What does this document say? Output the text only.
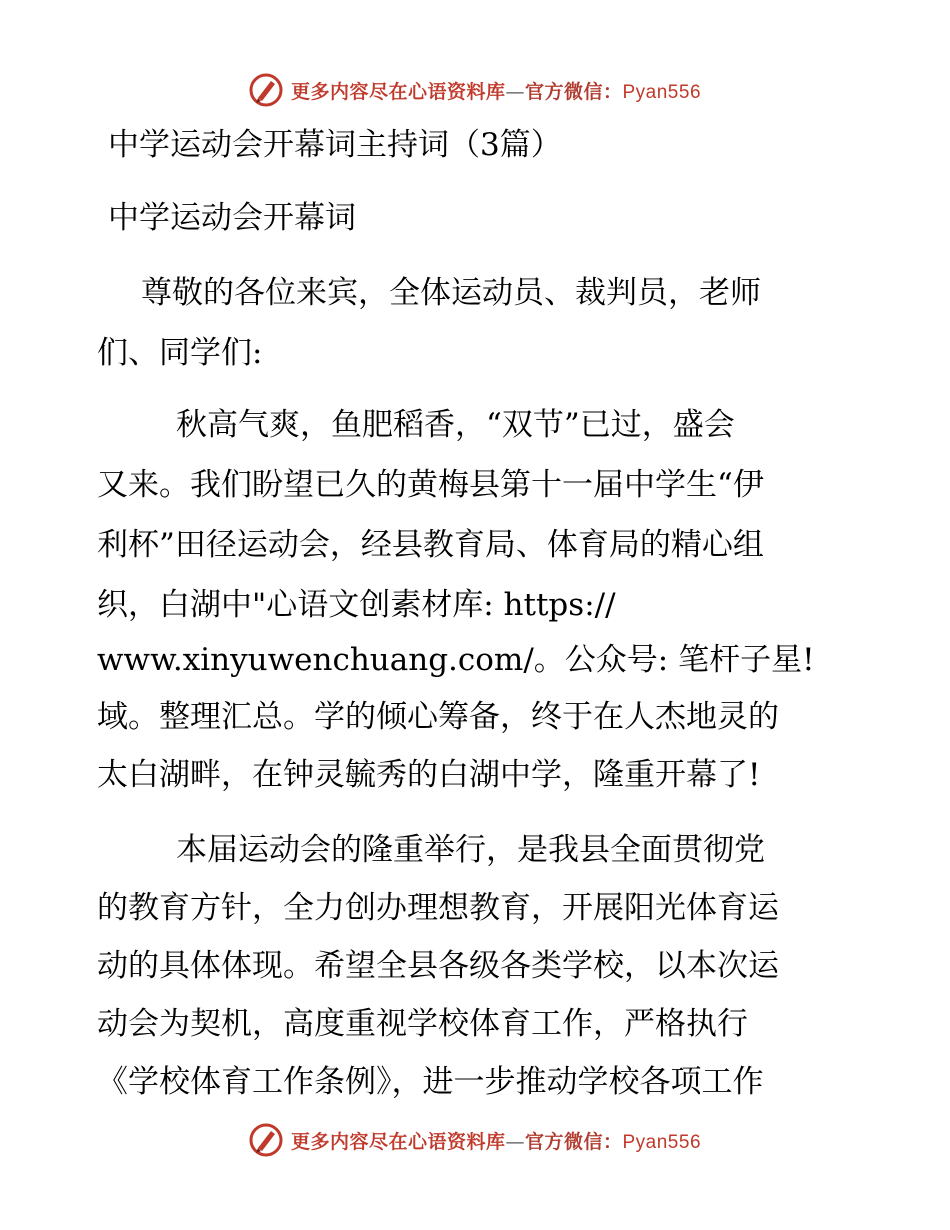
更多内容尽在心语资料库—官方微信：Pyan556
中学运动会开幕词主持词（3篇）
中学运动会开幕词
尊敬的各位来宾，全体运动员、裁判员，老师
们、同学们:
秋高气爽，鱼肥稻香，“双节”已过，盛会
又来。我们盼望已久的黄梅县第十一届中学生“伊
利杯”田径运动会，经县教育局、体育局的精心组
织，白湖中"心语文创素材库: https://
www.xinyuwenchuang.com/。公众号: 笔杆子星!
域。整理汇总。学的倾心筹备，终于在人杰地灵的
太白湖畔，在钟灵毓秀的白湖中学，隆重开幕了!
本届运动会的隆重举行，是我县全面贯彻党
的教育方针，全力创办理想教育，开展阳光体育运
动的具体体现。希望全县各级各类学校，以本次运
动会为契机，高度重视学校体育工作，严格执行
《学校体育工作条例》，进一步推动学校各项工作
更多内容尽在心语资料库—官方微信：Pyan556
